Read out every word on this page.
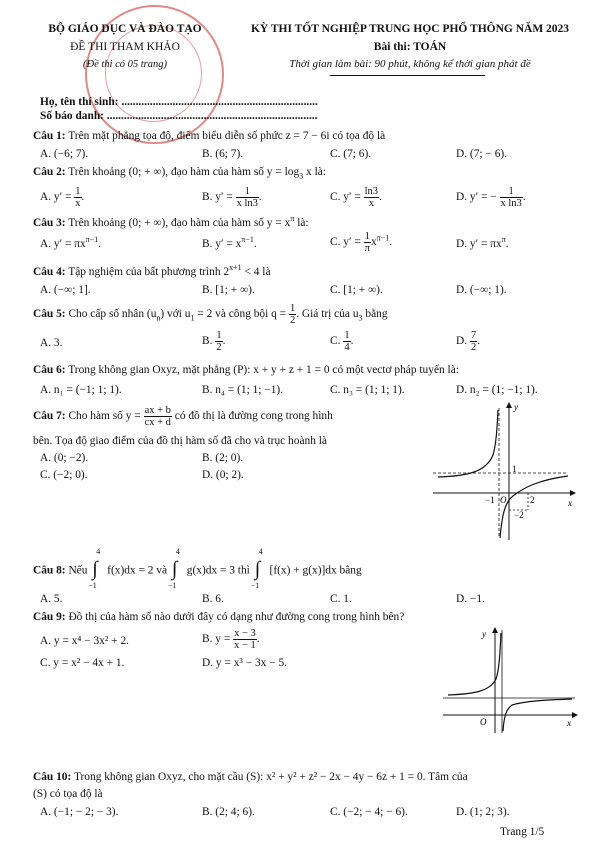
BỘ GIÁO DỤC VÀ ĐÀO TẠO
ĐỀ THI THAM KHẢO
(Đề thi có 05 trang)
KỲ THI TỐT NGHIỆP TRUNG HỌC PHỔ THÔNG NĂM 2023
Bài thi: TOÁN
Thời gian làm bài: 90 phút, không kể thời gian phát đề
Họ, tên thí sinh: .....................................................................
Số báo danh: ..........................................................................
Câu 1: Trên mặt phẳng tọa độ, điểm biểu diễn số phức z = 7 − 6i có tọa độ là
A. (−6; 7).	B. (6; 7).	C. (7; 6).	D. (7; − 6).
Câu 2: Trên khoảng (0; + ∞), đạo hàm của hàm số $y = \log_3 x$ là:
A. $y' = \frac{1}{x}$ .	B. $y' = \frac{1}{\text{x ln3}}$ .	C. $y' = \frac{\ln 3}{x}$ .	D. y′ = − $\frac{1}{\text{x ln3}}$ .
Câu 3: Trên khoảng (0; + ∞), đạo hàm của hàm số $y = x^\pi$ là:
A. $y' = \pi x^{\pi-1}$.	B. $y' = x^{\pi-1}$.	C. $y' = \frac{1}{\pi} x^{\pi-1}$.	D. $y' = \pi x^\pi$.
Câu 4: Tập nghiệm của bất phương trình $2^{x+1} < 4$ là
A. (−∞; 1].	B. [1; + ∞).	C. [1; + ∞).	D. (−∞; 1).
Câu 5: Cho cấp số nhân $(u_n)$ với $u_1 = 2$ và công bội $q = \frac{1}{2}$ . Giá trị của $u_3$ bằng
A. 3.	B. $\frac{1}{2}$ .	C. $\frac{1}{4}$ .	D. $\frac{7}{2}$ .
Câu 6: Trong không gian Oxyz, mặt phẳng (P): x + y + z + 1 = 0 có một vectơ pháp tuyến là:
A. n₁ = (−1; 1; 1).	B. n₄ = (1; 1; −1).	C. n₃ = (1; 1; 1).	D. n₂ = (1; −1; 1).
Câu 7: Cho hàm số $y = \frac{ax + b}{cx + d}$ có đồ thị là đường cong trong hình
bên. Tọa độ giao điểm của đồ thị hàm số đã cho và trục hoành là
A. (0; −2).	B. (2; 0).
C. (−2; 0).	D. (0; 2).
y
x
O
1
−1	2
−2
Câu 8: Nếu ∫
4
−1
f(x)dx = 2 và ∫
4
−1
g(x)dx = 3 thì ∫
4
−1
[f(x) + g(x)]dx bằng
A. 5.	B. 6.	C. 1.	D. −1.
Câu 9: Đồ thị của hàm số nào dưới đây có dạng như đường cong trong hình bên?
A. y = x⁴ − 3x² + 2.	B. $y = \frac{x - 3}{x - 1}$ .
C. y = x² − 4x + 1.	D. y = x³ − 3x − 5.
y
x
O
Câu 10: Trong không gian Oxyz, cho mặt cầu (S): x² + y² + z² − 2x − 4y − 6z + 1 = 0. Tâm của
(S) có tọa độ là
A. (−1; − 2; − 3).	B. (2; 4; 6).	C. (−2; − 4; − 6).	D. (1; 2; 3).
Trang 1/5
